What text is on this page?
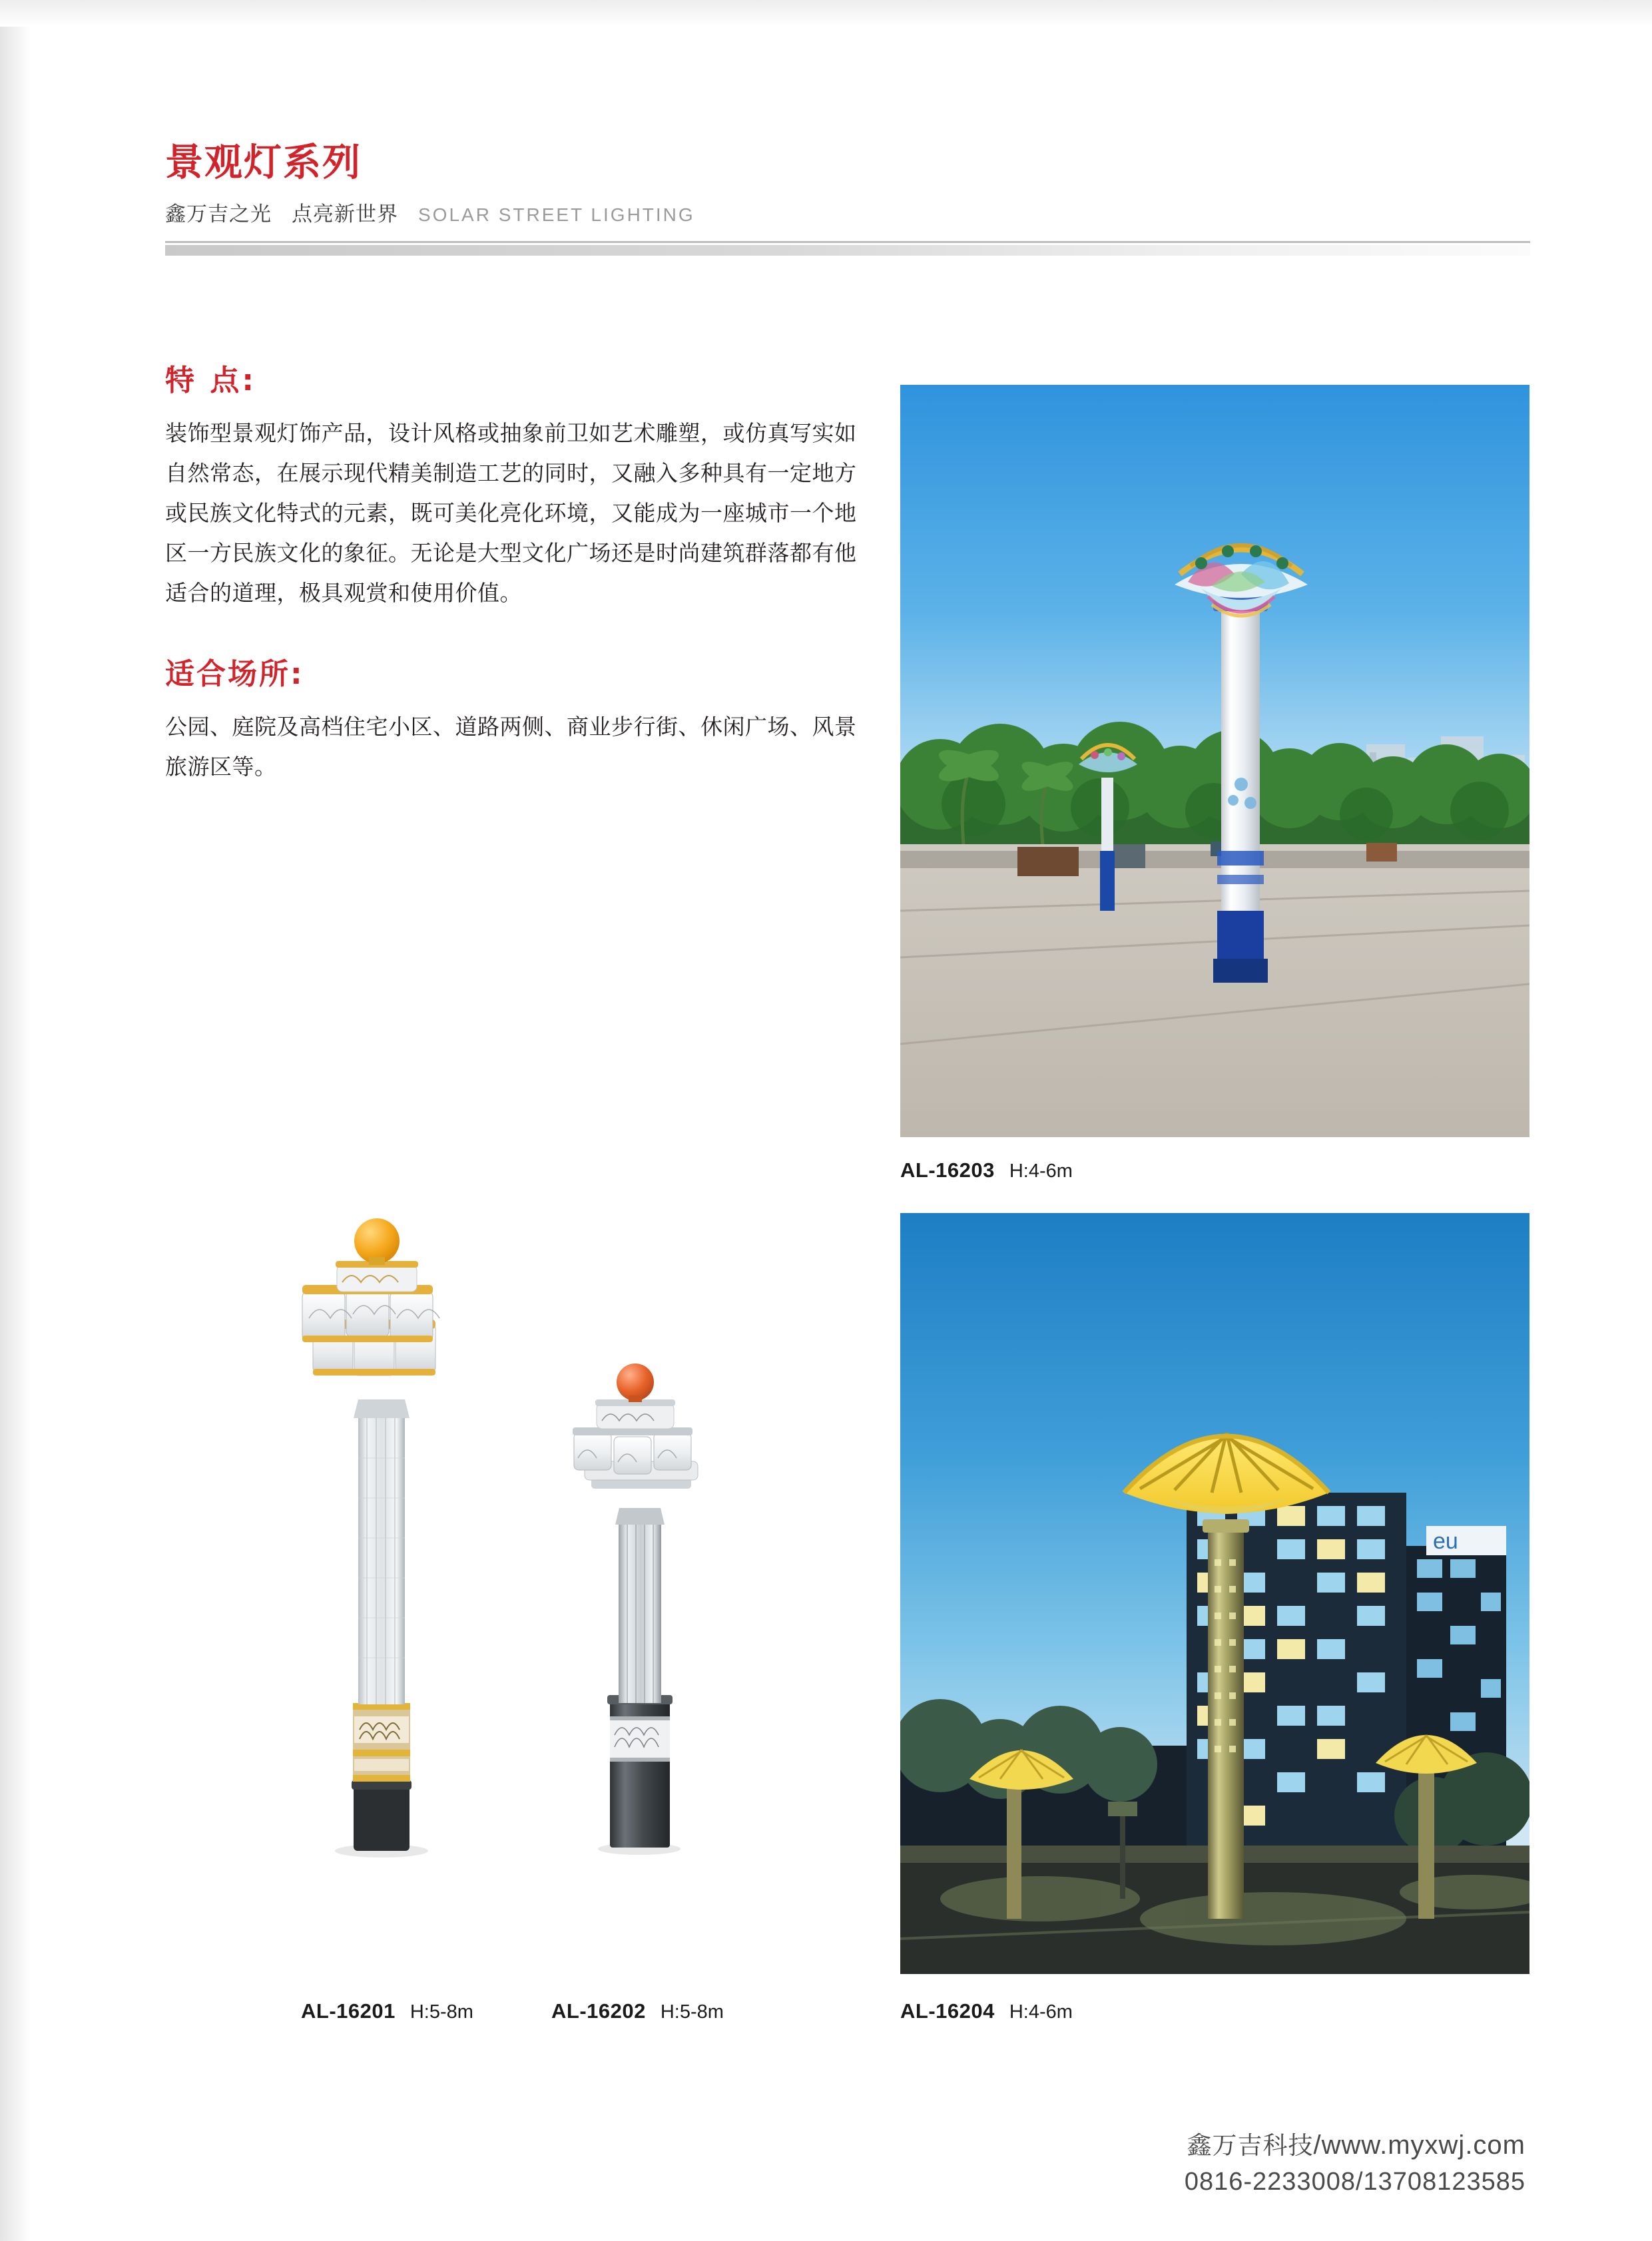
景观灯系列
鑫万吉之光 点亮新世界 SOLAR STREET LIGHTING
特 点:

装饰型景观灯饰产品，设计风格或抽象前卫如艺术雕塑，或仿真写实如自然常态，在展示现代精美制造工艺的同时，又融入多种具有一定地方或民族文化特式的元素，既可美化亮化环境，又能成为一座城市一个地区一方民族文化的象征。无论是大型文化广场还是时尚建筑群落都有他适合的道理，极具观赏和使用价值。

适合场所:

公园、庭院及高档住宅小区、道路两侧、商业步行街、休闲广场、风景旅游区等。

AL-16201 H:5-8m	AL-16202 H:5-8m
AL-16203 H:4-6m
eu
AL-16204 H:4-6m
鑫万吉科技/www.myxwj.com
0816-2233008/13708123585
